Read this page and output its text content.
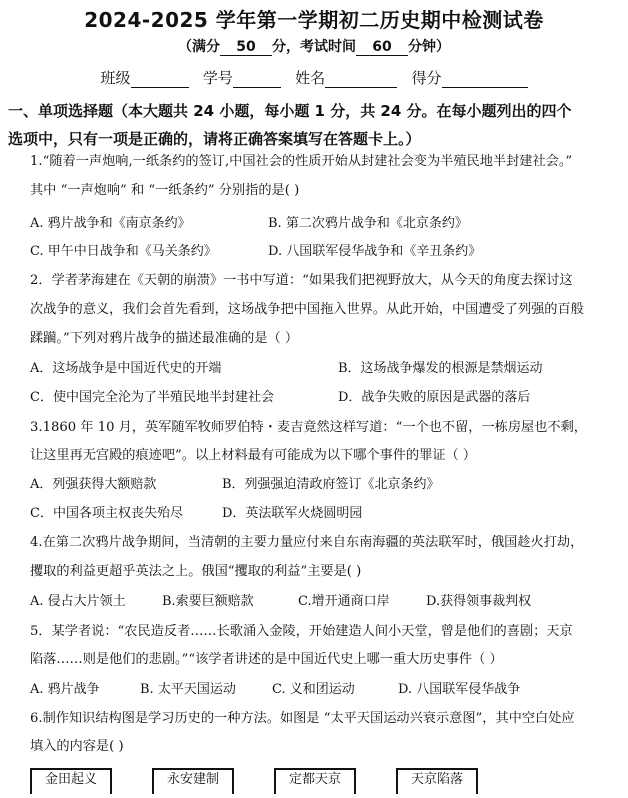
2024-2025 学年第一学期初二历史期中检测试卷
（满分 50 分，考试时间 60 分钟）
班级	学号	姓名	得分
一、单项选择题（本大题共 24 小题，每小题 1 分，共 24 分。在每小题列出的四个
选项中，只有一项是正确的，请将正确答案填写在答题卡上。）
1.“随着一声炮响,一纸条约的签订,中国社会的性质开始从封建社会变为半殖民地半封建社会。”
其中 “一声炮响” 和 “一纸条约” 分别指的是( )
A. 鸦片战争和《南京条约》	B. 第二次鸦片战争和《北京条约》
C. 甲午中日战争和《马关条约》	D. 八国联军侵华战争和《辛丑条约》
2．学者茅海建在《天朝的崩溃》一书中写道：“如果我们把视野放大，从今天的角度去探讨这
次战争的意义，我们会首先看到，这场战争把中国拖入世界。从此开始，中国遭受了列强的百般
蹂躏。”下列对鸦片战争的描述最准确的是（ ）
A．这场战争是中国近代史的开端	B．这场战争爆发的根源是禁烟运动
C．使中国完全沦为了半殖民地半封建社会	D．战争失败的原因是武器的落后
3.1860 年 10 月，英军随军牧师罗伯特・麦吉竟然这样写道：“一个也不留，一栋房屋也不剩，
让这里再无宫殿的痕迹吧”。以上材料最有可能成为以下哪个事件的罪证（ ）
A．列强获得大额赔款	B．列强强迫清政府签订《北京条约》
C．中国各项主权丧失殆尽	D．英法联军火烧圆明园
4.在第二次鸦片战争期间，当清朝的主要力量应付来自东南海疆的英法联军时，俄国趁火打劫，
攫取的利益更超乎英法之上。俄国“攫取的利益”主要是( )
A. 侵占大片领土	B.索要巨额赔款	C.增开通商口岸	D.获得领事裁判权
5．某学者说：“农民造反者……长歌涌入金陵，开始建造人间小天堂，曾是他们的喜剧；天京
陷落……则是他们的悲剧。”“该学者讲述的是中国近代史上哪一重大历史事件（ ）
A. 鸦片战争	B. 太平天国运动	C. 义和团运动	D. 八国联军侵华战争
6.制作知识结构图是学习历史的一种方法。如图是 “太平天国运动兴衰示意图”，其中空白处应
填入的内容是( )
金田起义	永安建制	定都天京	天京陷落
